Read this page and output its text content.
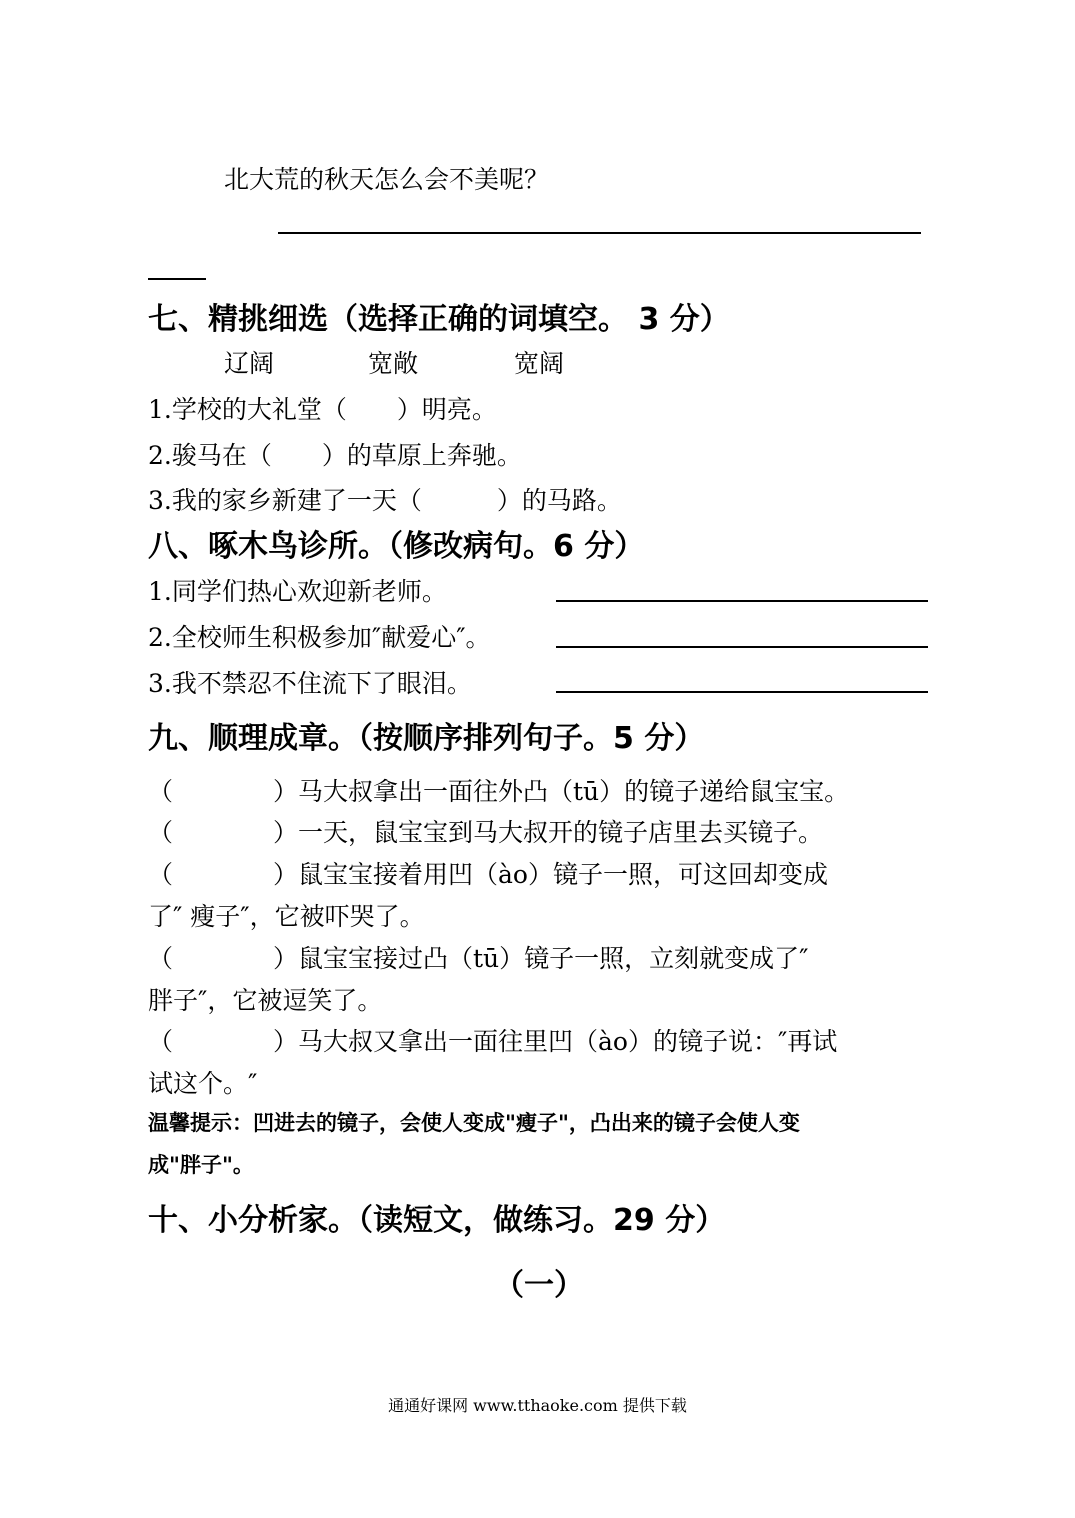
北大荒的秋天怎么会不美呢？
七、精挑细选（选择正确的词填空。 3 分）
辽阔	宽敞	宽阔
1.学校的大礼堂（　　）明亮。
2.骏马在（　　）的草原上奔驰。
3.我的家乡新建了一天（　　　）的马路。
八、啄木鸟诊所。（修改病句。6 分）
1.同学们热心欢迎新老师。
2.全校师生积极参加″献爱心″。
3.我不禁忍不住流下了眼泪。
九、顺理成章。（按顺序排列句子。5 分）
（　　　　）马大叔拿出一面往外凸（tū）的镜子递给鼠宝宝。
（　　　　）一天，鼠宝宝到马大叔开的镜子店里去买镜子。
（　　　　）鼠宝宝接着用凹（ào）镜子一照，可这回却变成
了″ 瘦子″，它被吓哭了。
（　　　　）鼠宝宝接过凸（tū）镜子一照，立刻就变成了″
胖子″，它被逗笑了。
（　　　　）马大叔又拿出一面往里凹（ào）的镜子说：″再试
试这个。″
温馨提示：凹进去的镜子，会使人变成"瘦子"，凸出来的镜子会使人变
成"胖子"。
十、小分析家。（读短文，做练习。29 分）
（一）
通通好课网 www.tthaoke.com 提供下载
